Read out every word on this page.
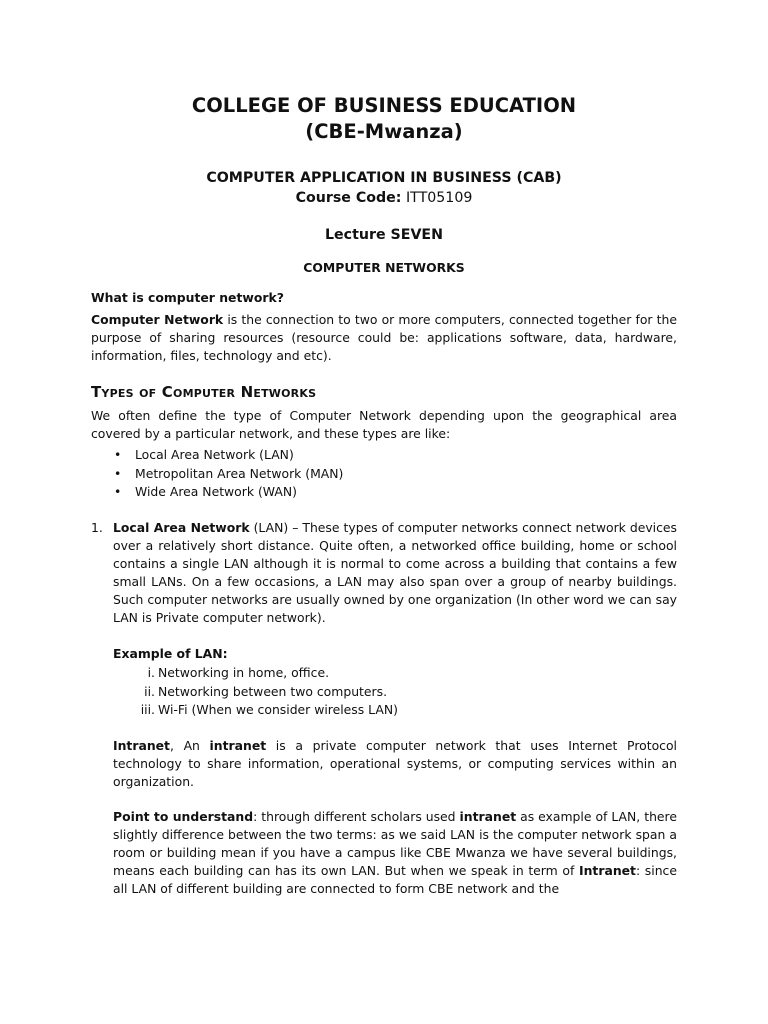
COLLEGE OF BUSINESS EDUCATION
(CBE-Mwanza)
COMPUTER APPLICATION IN BUSINESS (CAB)
Course Code: ITT05109
Lecture SEVEN
COMPUTER NETWORKS
What is computer network?
Computer Network is the connection to two or more computers, connected together for the purpose of sharing resources (resource could be: applications software, data, hardware, information, files, technology and etc).
Types of Computer Networks
We often define the type of Computer Network depending upon the geographical area covered by a particular network, and these types are like:
• Local Area Network (LAN)
• Metropolitan Area Network (MAN)
• Wide Area Network (WAN)
1. Local Area Network (LAN) – These types of computer networks connect network devices over a relatively short distance. Quite often, a networked office building, home or school contains a single LAN although it is normal to come across a building that contains a few small LANs. On a few occasions, a LAN may also span over a group of nearby buildings. Such computer networks are usually owned by one organization (In other word we can say LAN is Private computer network).
Example of LAN:
i. Networking in home, office.
ii. Networking between two computers.
iii. Wi-Fi (When we consider wireless LAN)
Intranet, An intranet is a private computer network that uses Internet Protocol technology to share information, operational systems, or computing services within an organization.
Point to understand: through different scholars used intranet as example of LAN, there slightly difference between the two terms: as we said LAN is the computer network span a room or building mean if you have a campus like CBE Mwanza we have several buildings, means each building can has its own LAN. But when we speak in term of Intranet: since all LAN of different building are connected to form CBE network and the
